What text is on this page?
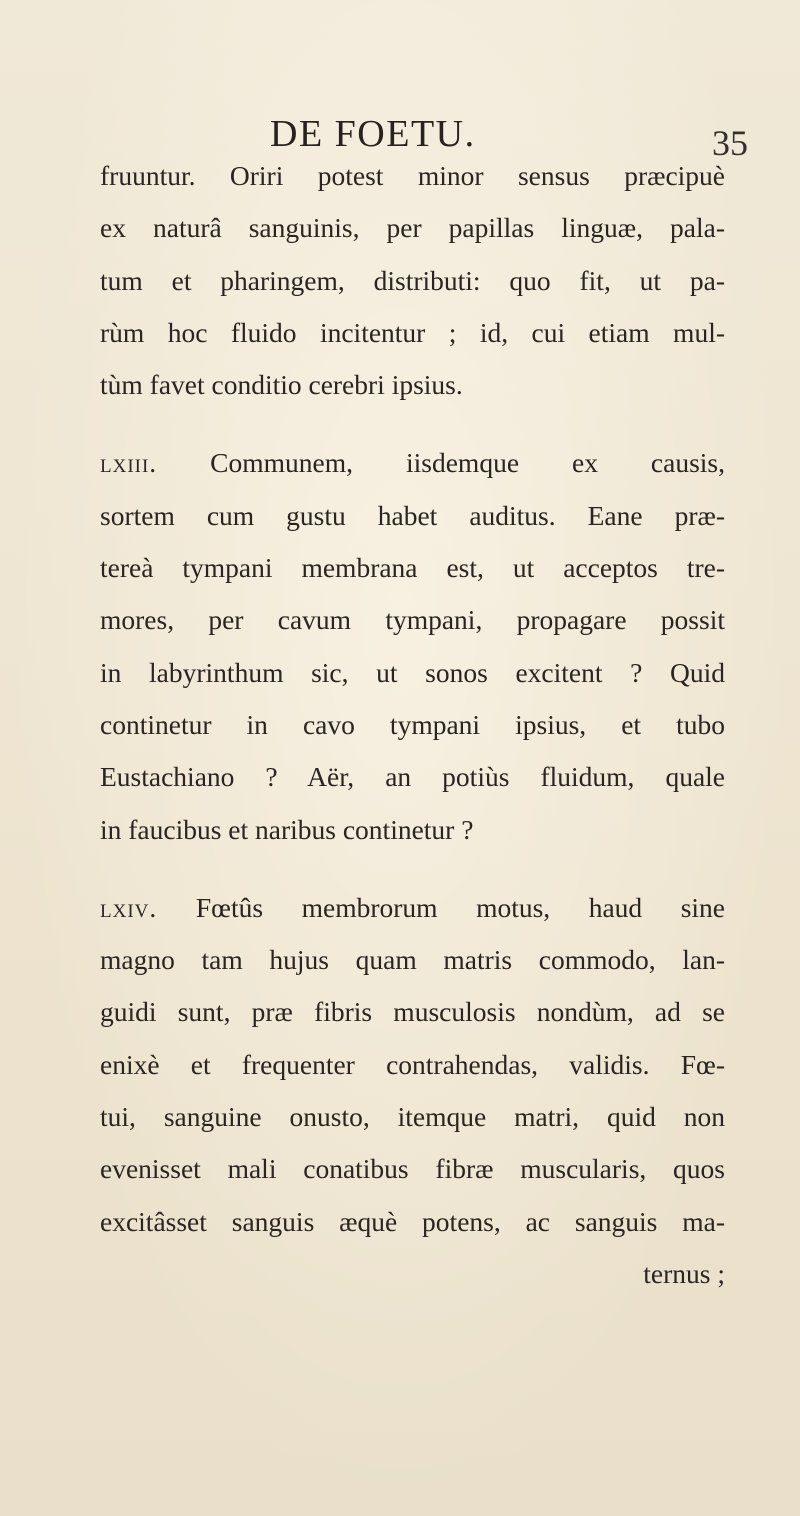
DE FOETU.	35
fruuntur. Oriri potest minor sensus præcipuè
ex naturâ sanguinis, per papillas linguæ, pala-
tum et pharingem, distributi: quo fit, ut pa-
rùm hoc fluido incitentur ; id, cui etiam mul-
tùm favet conditio cerebri ipsius.
lxiii. Communem, iisdemque ex causis,
sortem cum gustu habet auditus. Eane præ-
tereà tympani membrana est, ut acceptos tre-
mores, per cavum tympani, propagare possit
in labyrinthum sic, ut sonos excitent ? Quid
continetur in cavo tympani ipsius, et tubo
Eustachiano ? Aër, an potiùs fluidum, quale
in faucibus et naribus continetur ?
lxiv. Fœtûs membrorum motus, haud sine
magno tam hujus quam matris commodo, lan-
guidi sunt, præ fibris musculosis nondùm, ad se
enixè et frequenter contrahendas, validis. Fœ-
tui, sanguine onusto, itemque matri, quid non
evenisset mali conatibus fibræ muscularis, quos
excitâsset sanguis æquè potens, ac sanguis ma-
ternus ;
